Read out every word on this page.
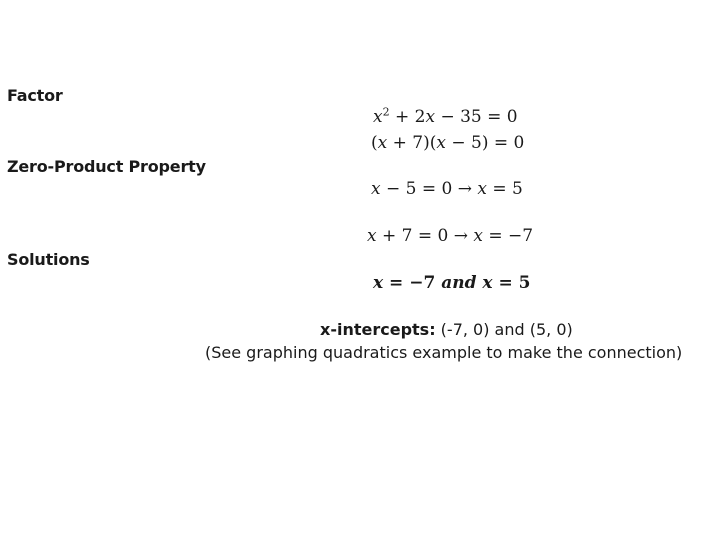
Factor
Zero-Product Property
Solutions
$x^2 + 2x - 35 = 0$
(x + 7)(x − 5) = 0
x − 5 = 0 → x = 5
x + 7 = 0 → x = −7
x = −7 and x = 5
x-intercepts: (-7, 0) and (5, 0)
(See graphing quadratics example to make the connection)
